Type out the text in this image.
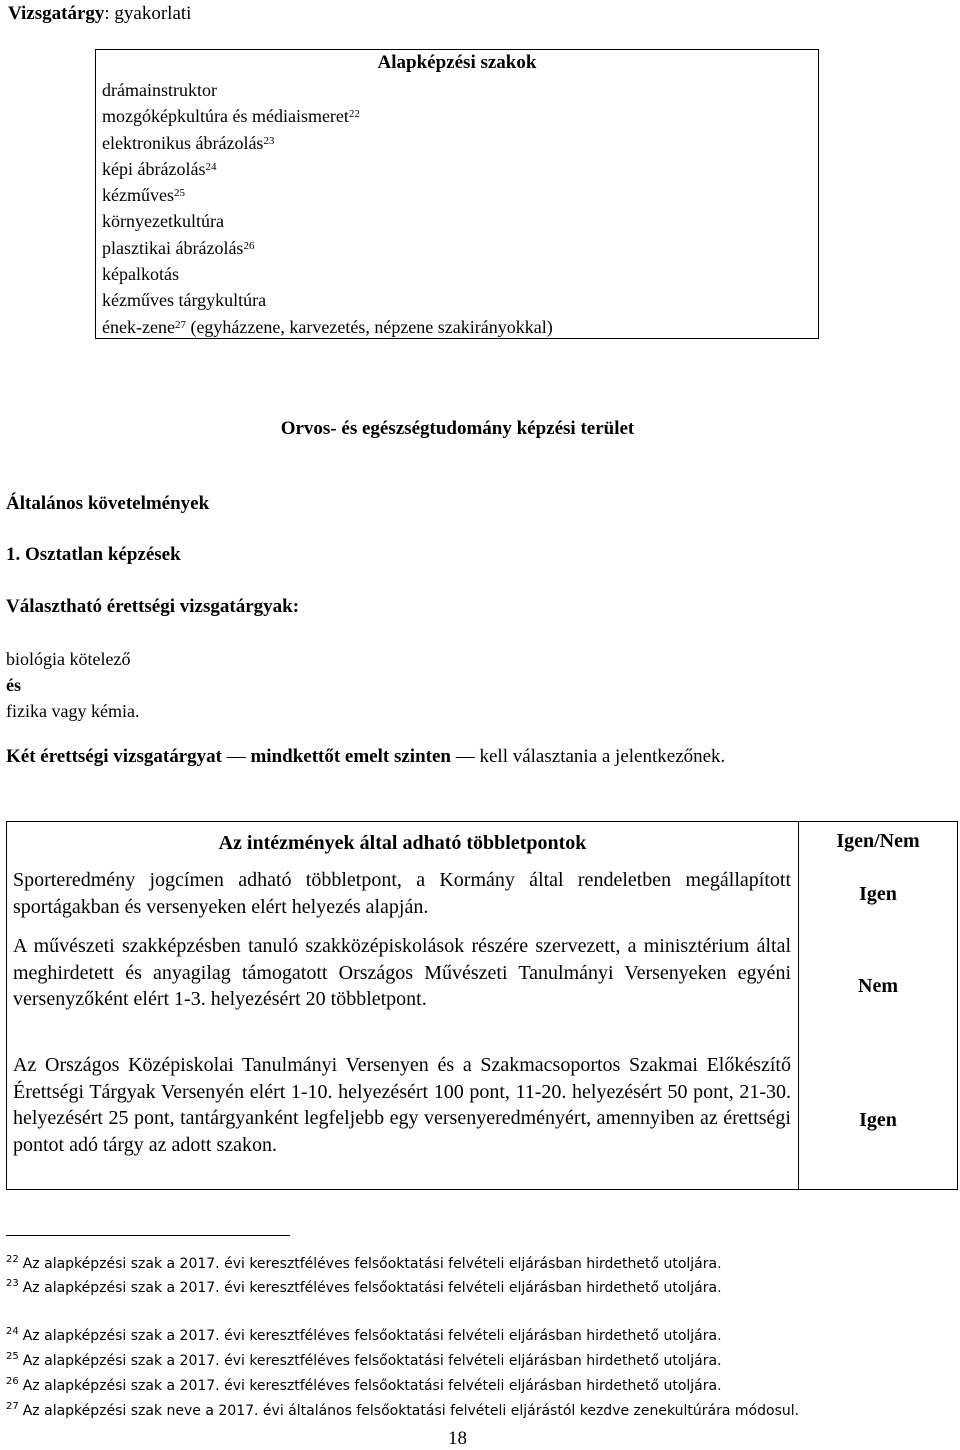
Vizsgatárgy: gyakorlati
Alapképzési szakok
drámainstruktor
mozgóképkultúra és médiaismeret$^{22}$
elektronikus ábrázolás$^{23}$
képi ábrázolás$^{24}$
kézműves$^{25}$
környezetkultúra
plasztikai ábrázolás$^{26}$
képalkotás
kézműves tárgykultúra
ének-zene$^{27}$ (egyházzene, karvezetés, népzene szakirányokkal)
Orvos- és egészségtudomány képzési terület
Általános követelmények
1. Osztatlan képzések
Választható érettségi vizsgatárgyak:
biológia kötelező
és
fizika vagy kémia.
Két érettségi vizsgatárgyat — mindkettőt emelt szinten — kell választania a jelentkezőnek.
Az intézmények által adható többletpontok	Igen/Nem
Sporteredmény jogcímen adható többletpont, a Kormány által rendeletben megállapított sportágakban és versenyeken elért helyezés alapján.
Igen
A művészeti szakképzésben tanuló szakközépiskolások részére szervezett, a minisztérium által meghirdetett és anyagilag támogatott Országos Művészeti Tanulmányi Versenyeken egyéni versenyzőként elért 1-3. helyezésért 20 többletpont.
Nem
Az Országos Középiskolai Tanulmányi Versenyen és a Szakmacsoportos Szakmai Előkészítő Érettségi Tárgyak Versenyén elért 1-10. helyezésért 100 pont, 11-20. helyezésért 50 pont, 21-30. helyezésért 25 pont, tantárgyanként legfeljebb egy versenyeredményért, amennyiben az érettségi pontot adó tárgy az adott szakon.
Igen
$^{22}$ Az alapképzési szak a 2017. évi keresztféléves felsőoktatási felvételi eljárásban hirdethető utoljára.
$^{23}$ Az alapképzési szak a 2017. évi keresztféléves felsőoktatási felvételi eljárásban hirdethető utoljára.
$^{24}$ Az alapképzési szak a 2017. évi keresztféléves felsőoktatási felvételi eljárásban hirdethető utoljára.
$^{25}$ Az alapképzési szak a 2017. évi keresztféléves felsőoktatási felvételi eljárásban hirdethető utoljára.
$^{26}$ Az alapképzési szak a 2017. évi keresztféléves felsőoktatási felvételi eljárásban hirdethető utoljára.
$^{27}$ Az alapképzési szak neve a 2017. évi általános felsőoktatási felvételi eljárástól kezdve zenekultúrára módosul.
18
